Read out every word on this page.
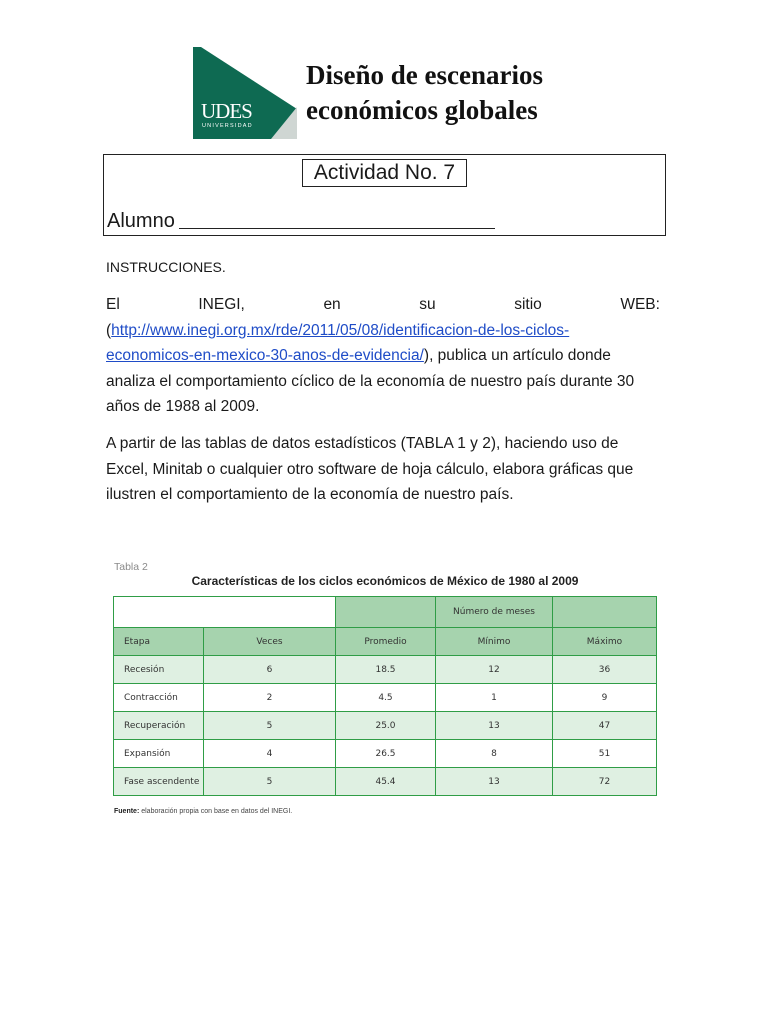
UDES
UNIVERSIDAD
Diseño de escenarios
económicos globales
Actividad No. 7
Alumno
INSTRUCCIONES.
El	INEGI,	en	su	sitio	WEB:
(http://www.inegi.org.mx/rde/2011/05/08/identificacion-de-los-ciclos-
economicos-en-mexico-30-anos-de-evidencia/), publica un artículo donde
analiza el comportamiento cíclico de la economía de nuestro país durante 30
años de 1988 al 2009.
A partir de las tablas de datos estadísticos (TABLA 1 y 2), haciendo uso de
Excel, Minitab o cualquier otro software de hoja cálculo, elabora gráficas que
ilustren el comportamiento de la economía de nuestro país.
Tabla 2
Características de los ciclos económicos de México de 1980 al 2009
			Número de meses	
Etapa	Veces	Promedio	Mínimo	Máximo
Recesión	6	18.5	12	36
Contracción	2	4.5	1	9
Recuperación	5	25.0	13	47
Expansión	4	26.5	8	51
Fase ascendente	5	45.4	13	72
Fuente: elaboración propia con base en datos del INEGI.
